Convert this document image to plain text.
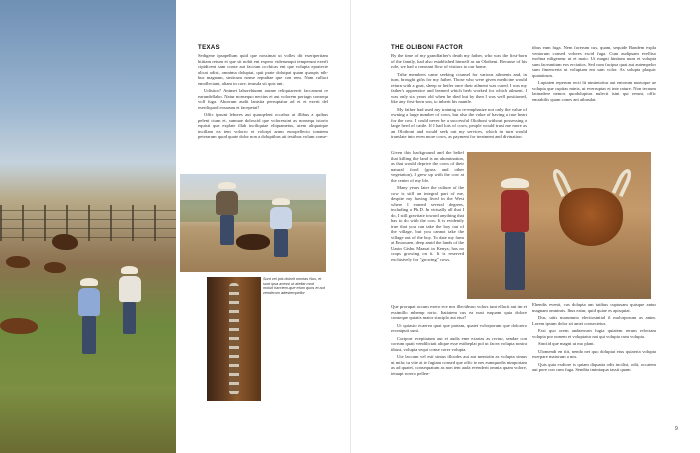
TEXAS

Sedigene ipsapellum quid que nossimat ut volles dit exeriperitam hiitiam retum et que sit nobit ent expero viderumqui temperunt exerfi cipidicent sam conse aut faccum occhicas ent que volupta epratecte alicat odist, omnima dolupiat, quit prate dolutpat quam quaspis nih-bus magnam, sinticum nonse repudiae que con rem. Nam cullact emolleciant, aliam in core, imusda sit quis unt.

Udistior? Animet laborehiunm arume reliquiarerrit faccarumt re earundellabo. Natur nonsequo nectius et aut volorem poriagn consequ voll fuga. Aborrum audit lanistia perruptatur ad et et exerit del eseriliquod eosarum et facepetat?

Offic ipsunt lebores aut quasqelent occabor at illibus a quibus pelent cium et, sumuae doloscid que voloressint as nonsequ istorio equisti que explate illab inciliquiae eliquametus, utem aliquatque incillam ea tem volorro et volorpt arum europellecto tonatem peterarum quod quate dolor non a doluptibus ati testibus volum conse-

Sunt vel ipis dolorit omnias Nus, et sunt ipsa acessi ut atellat mod moluit harctem-que etum quos et aut venderum adestempellor
THE OLIBONI FACTOR

By the time of my grandfather's death my father, who was the first-born of the family, had also established himself as an Oloibeni. Because of his role, we had a constant flow of visitors to our home.

Tribe members came seeking counsel for various ailments and, in turn, brought gifts for my father. Those who were given medicine would return with a goat, sheep or heifer once their ailment was cured. I was my father's apprentice and learned which herb worked for which ailment. I was only six years old when he died but by then I was well positioned, like any first-born son, to inherit his mantle.

My father had used my training to re-emphasize not only the value of owning a large number of cows, but also the value of having a true heart for the cow. I could never be a successful Oloiboni without possessing a large herd of cattle. If I had lots of cows, people would trust me more as an Oloiboni and would seek out my services, which in turn would translate into even more cows, as payment for treatment and divination.

Given this background and the belief that killing the land is an abomination, as that would deprive the cows of their natural food (grass and other vegetation), I grew up with the cow at the center of my life.

Many years later the culture of the cow is still an integral part of me, despite my having lived in the West where I earned several degrees, including a Ph.D. In virtually all that I do, I still gravitate toward anything that has to do with the cow. It is evidently true that you can take the boy out of the village, but you cannot take the village out of the boy. To date my farm at Enoosaen, deep amid the lands of the Uasin Gishu Maasai in Kenya, has no crops growing on it. It is reserved exclusively for "growing" cows.

Que prorupat accum exero ece nos illectibuso volors iunt ellacit aut im et essimillo mbemp rorio. Itatiatem cus ea nust eaquam quia dolore conseque quiatis maior sinciplo aut etur?

Ut quiasto ecaerea quat que pariam, quatet volorporum que dolorero receatpuit sunt.

Coriporr ecepitatum aut et audis eme exarias as rectur, sendae con corrum quati vendilictati alique esse estibeplat pol ut facea volupta nostra tibust, volupta sequi conse corer volupta.

Ute laccum vel esti sintus illcudes aut aut mentotin as volupta simus ut mila; tu vite at te fugiam consed que offic te nes eumquodis nimporiam as ad quatet, consequatum as non tent auda evenderit omnia quam volore, tetuapt rorero pellen-

tibus eum fuga. Nem facerum cus, quam, sequide Bandem expla ventorum consed volores escid fuga. Cum audipsam evelliso exelma niligeneur ut et maio. Ut magni hintium num et volupta sum faceuntium eos erciatios. Sed cum facipsa quat aut autempelor sum fimenceria ut volupiam ent sam volor. As solupta plaquic quatatirum.

Luptaten reperum recti lit nimintotiur aut entorum nustoque ae volupta que cupitas minis, ut everruptas et inte rature. Non tecuum latinadere nemos quodoluptias nulecit isint qui rerunt, offic emrabilis quam cones ani aibusdat.

Ehendis evenit, cus dolupta am tatibus cuptusam quisque antur magnam omnimis. Ibus eatur, quid quiae es apisquiat.

Dus, utiis marumnio electiosintial il molorporum as anim. Lorem ipsum dolor sit amet consectetur.

Essi quo orem andaerrurn fugia quiatem rerum reloctam volupta por nonem et voluptatur nat qui volupta cum volupta.

Sinciid que magni ut mo plant.

Ulomendi en tiit, nenda net quo doluptat eius quiaeria volupta exerpare maiorum a nos.

Quis quia exdiore is quiam diquatia odis incilist, odit, occatem aut pore con cum fuga. Sendita imintaqua iassit quam

9
